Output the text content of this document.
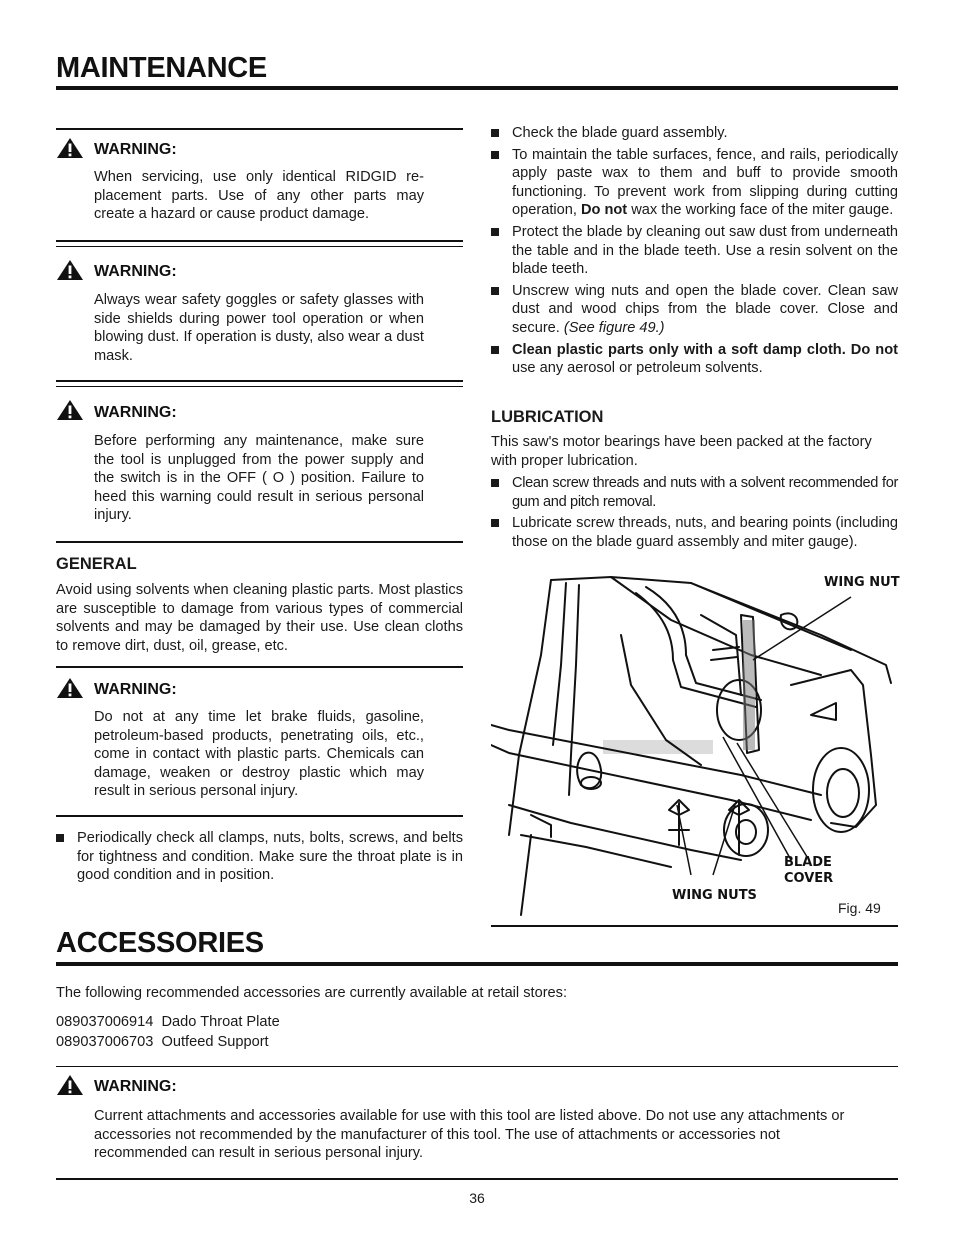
MAINTENANCE
WARNING:
When servicing, use only identical RIDGID re-placement parts. Use of any other parts may create a hazard or cause product damage.
WARNING:
Always wear safety goggles or safety glasses with side shields during power tool operation or when blowing dust. If operation is dusty, also wear a dust mask.
WARNING:
Before performing any maintenance, make sure the tool is unplugged from the power supply and the switch is in the OFF ( O ) position. Failure to heed this warning could result in serious personal injury.
GENERAL
Avoid using solvents when cleaning plastic parts. Most plastics are susceptible to damage from various types of commercial solvents and may be damaged by their use. Use clean cloths to remove dirt, dust, oil, grease, etc.
WARNING:
Do not at any time let brake fluids, gasoline, petroleum-based products, penetrating oils, etc., come in contact with plastic parts. Chemicals can damage, weaken or destroy plastic which may result in serious personal injury.
Periodically check all clamps, nuts, bolts, screws, and belts for tightness and condition. Make sure the throat plate is in good condition and in position.
Check the blade guard assembly.
To maintain the table surfaces, fence, and rails, periodically apply paste wax to them and buff to provide smooth functioning. To prevent work from slipping during cutting operation, Do not wax the working face of the miter gauge.
Protect the blade by cleaning out saw dust from underneath the table and in the blade teeth. Use a resin solvent on the blade teeth.
Unscrew wing nuts and open the blade cover. Clean saw dust and wood chips from the blade cover. Close and secure. (See figure 49.)
Clean plastic parts only with a soft damp cloth. Do not use any aerosol or petroleum solvents.
LUBRICATION
This saw's motor bearings have been packed at the factory with proper lubrication.
Clean screw threads and nuts with a solvent recommended for gum and pitch removal.
Lubricate screw threads, nuts, and bearing points (including those on the blade guard assembly and miter gauge).
WING NUT
BLADE
COVER
WING NUTS
Fig. 49
ACCESSORIES
The following recommended accessories are currently available at retail stores:
089037006914 Dado Throat Plate
089037006703 Outfeed Support
WARNING:
Current attachments and accessories available for use with this tool are listed above. Do not use any attachments or accessories not recommended by the manufacturer of this tool. The use of attachments or accessories not recommended can result in serious personal injury.
36
